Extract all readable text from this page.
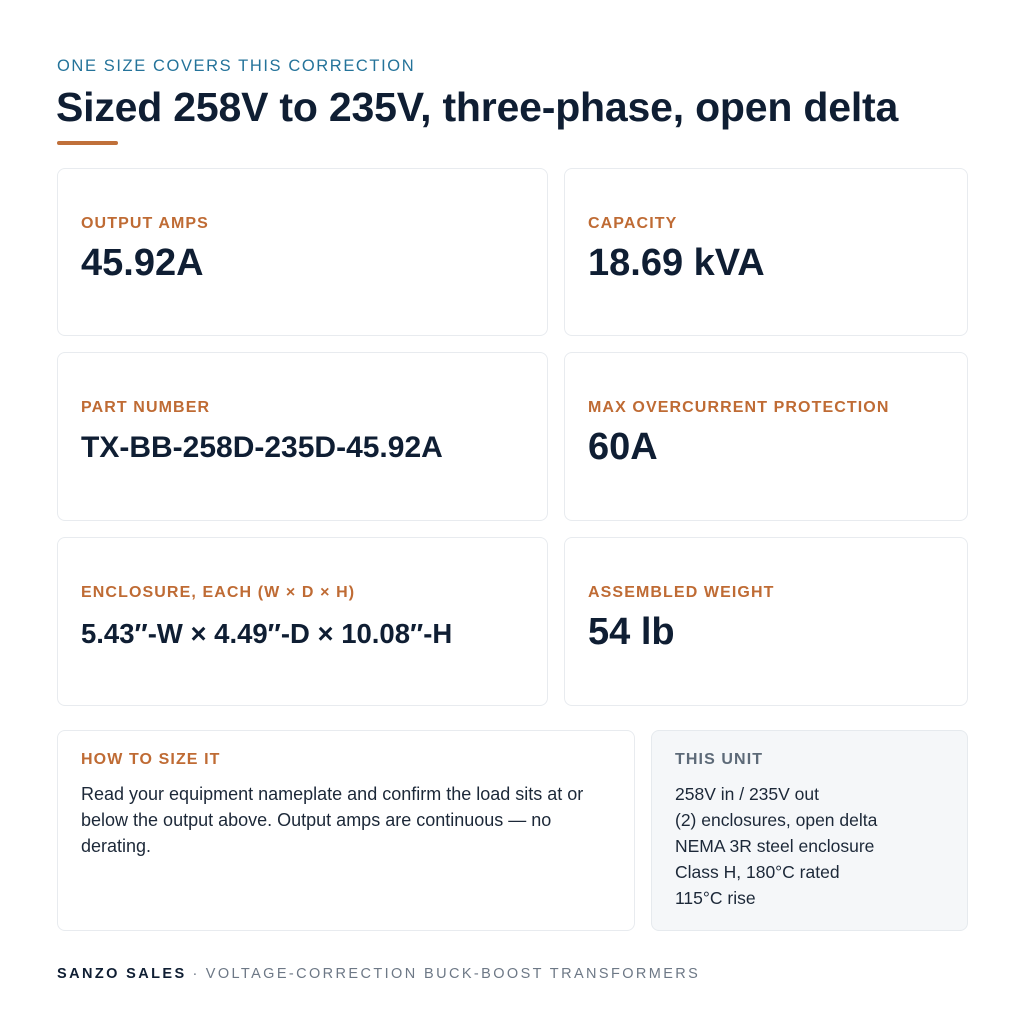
ONE SIZE COVERS THIS CORRECTION
Sized 258V to 235V, three-phase, open delta
OUTPUT AMPS
45.92A
CAPACITY
18.69 kVA
PART NUMBER
TX-BB-258D-235D-45.92A
MAX OVERCURRENT PROTECTION
60A
ENCLOSURE, EACH (W × D × H)
5.43″-W × 4.49″-D × 10.08″-H
ASSEMBLED WEIGHT
54 lb
HOW TO SIZE IT
Read your equipment nameplate and confirm the load sits at or below the output above. Output amps are continuous — no derating.
THIS UNIT
258V in / 235V out
(2) enclosures, open delta
NEMA 3R steel enclosure
Class H, 180°C rated
115°C rise
SANZO SALES · VOLTAGE-CORRECTION BUCK-BOOST TRANSFORMERS
